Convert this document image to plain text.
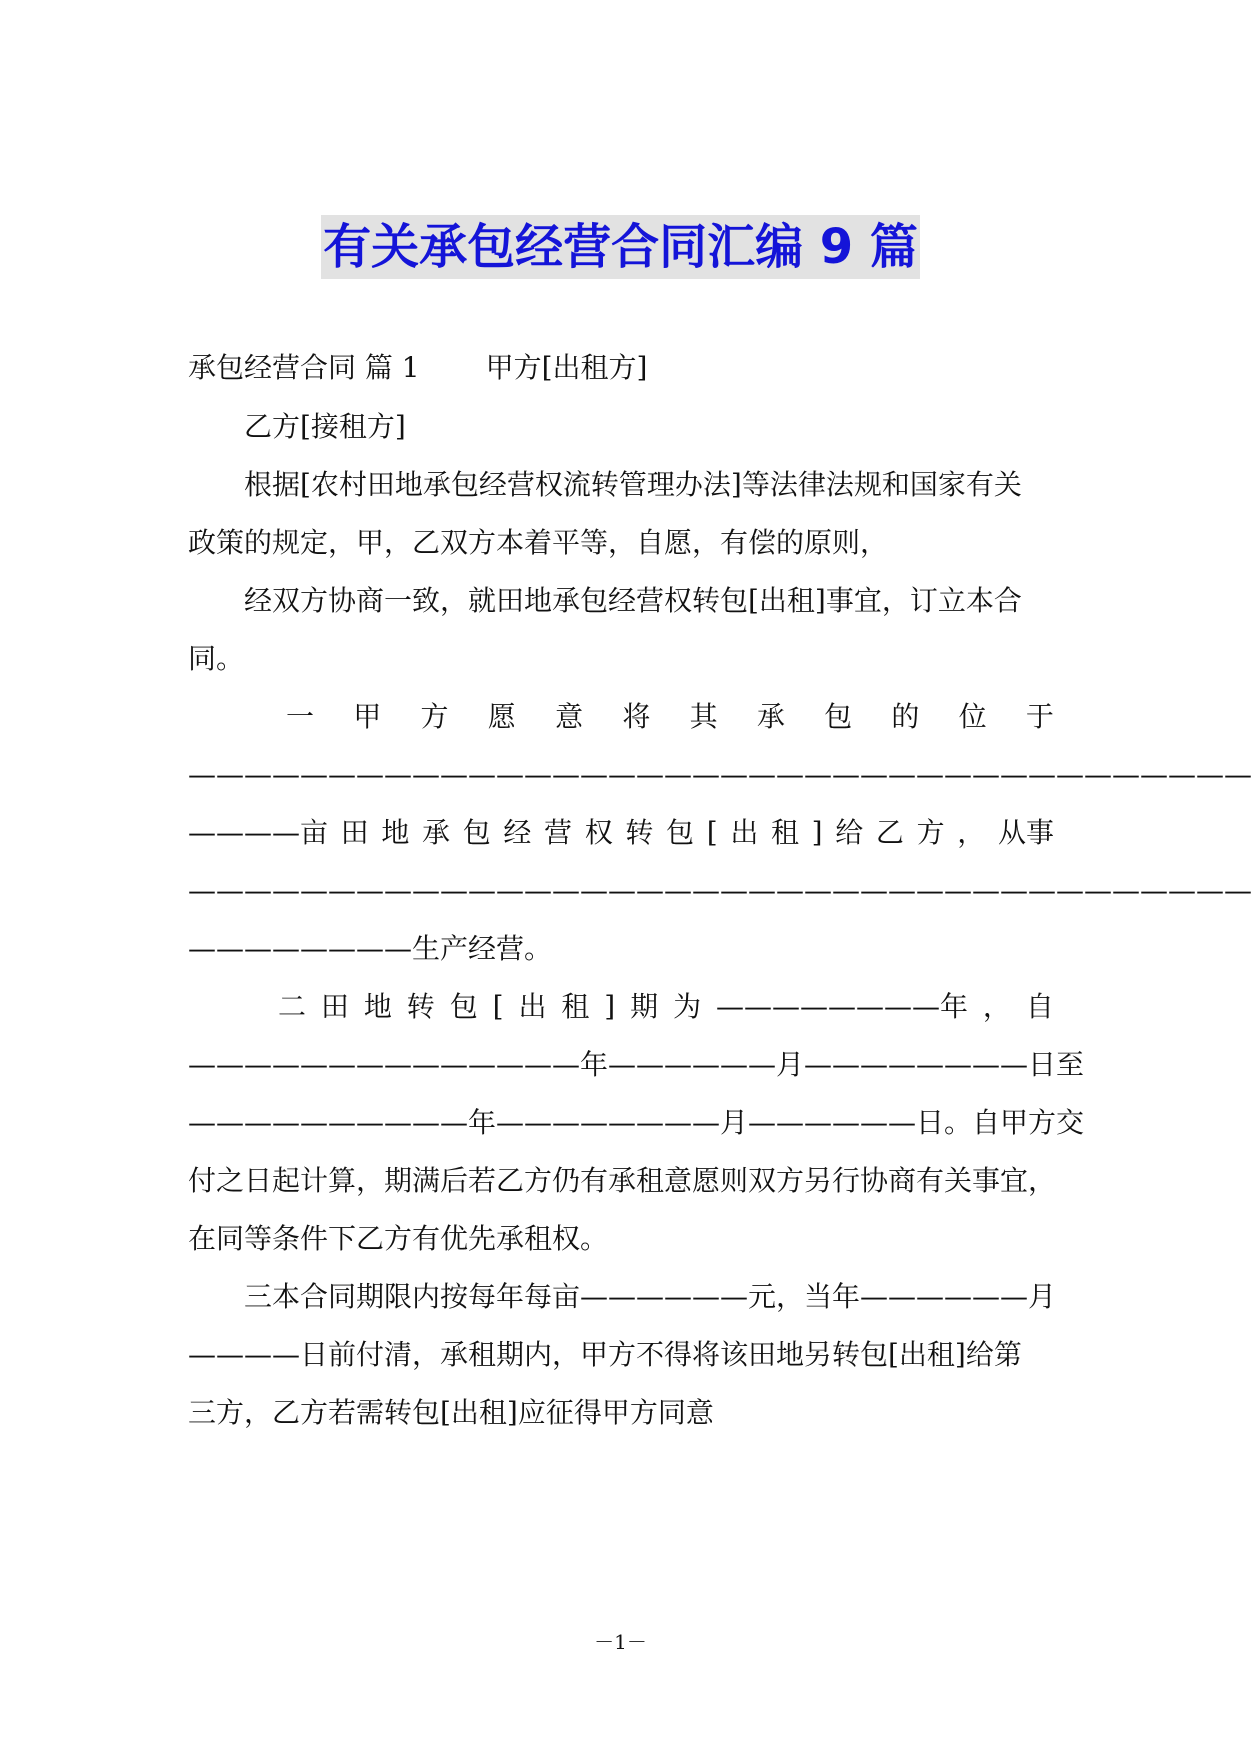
有关承包经营合同汇编 9 篇
承包经营合同 篇 1 甲方[出租方]
乙方[接租方]
根据[农村田地承包经营权流转管理办法]等法律法规和国家有关
政策的规定，甲，乙双方本着平等，自愿，有偿的原则，
经双方协商一致，就田地承包经营权转包[出租]事宜，订立本合
同。
一 甲 方 愿 意 将 其 承 包 的 位 于
——————————————————————————————————————
————亩 田 地 承 包 经 营 权 转 包 [ 出 租 ] 给 乙 方 ， 从事
——————————————————————————————————————
————————生产经营。
二 田 地 转 包 [ 出 租 ] 期 为 ————————年 ， 自
——————————————年 ——————月 ————————日 至
——————————年————————月——————日。自甲方交
付之日起计算，期满后若乙方仍有承租意愿则双方另行协商有关事宜，
在同等条件下乙方有优先承租权。
三本合同期限内按每年每亩——————元，当年——————月
————日前付清，承租期内，甲方不得将该田地另转包[出租]给第
三方，乙方若需转包[出租]应征得甲方同意
－1－
